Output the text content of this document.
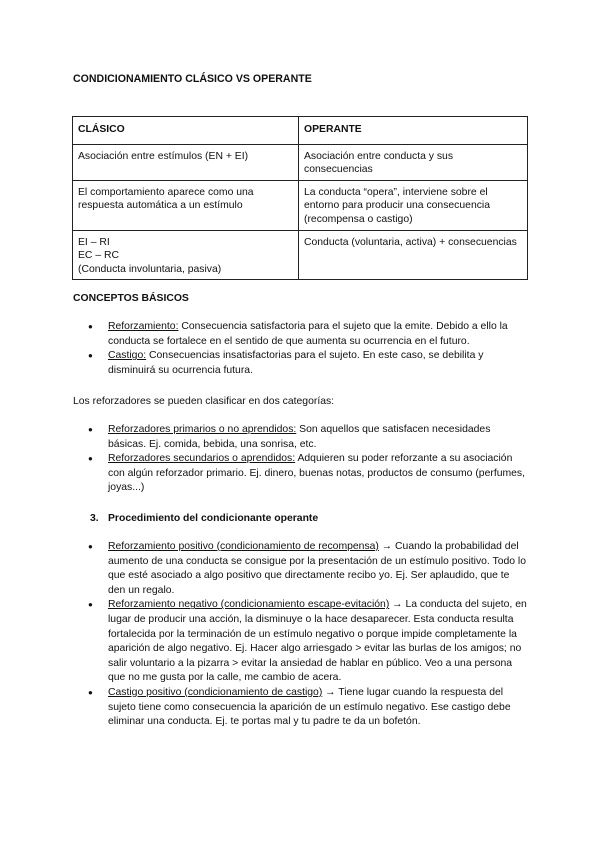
CONDICIONAMIENTO CLÁSICO VS OPERANTE
CLÁSICO	OPERANTE

Asociación entre estímulos (EN + EI)	Asociación entre conducta y sus consecuencias

El comportamiento aparece como una respuesta automática a un estímulo	La conducta “opera”, interviene sobre el entorno para producir una consecuencia (recompensa o castigo)

EI – RI
EC – RC
(Conducta involuntaria, pasiva)	Conducta (voluntaria, activa) + consecuencias
CONCEPTOS BÁSICOS
● Reforzamiento: Consecuencia satisfactoria para el sujeto que la emite. Debido a ello la conducta se fortalece en el sentido de que aumenta su ocurrencia en el futuro.
● Castigo: Consecuencias insatisfactorias para el sujeto. En este caso, se debilita y disminuirá su ocurrencia futura.
Los reforzadores se pueden clasificar en dos categorías:
● Reforzadores primarios o no aprendidos: Son aquellos que satisfacen necesidades básicas. Ej. comida, bebida, una sonrisa, etc.
● Reforzadores secundarios o aprendidos: Adquieren su poder reforzante a su asociación con algún reforzador primario. Ej. dinero, buenas notas, productos de consumo (perfumes, joyas...)
3. Procedimiento del condicionante operante
● Reforzamiento positivo (condicionamiento de recompensa) → Cuando la probabilidad del aumento de una conducta se consigue por la presentación de un estímulo positivo. Todo lo que esté asociado a algo positivo que directamente recibo yo. Ej. Ser aplaudido, que te den un regalo.
● Reforzamiento negativo (condicionamiento escape-evitación) → La conducta del sujeto, en lugar de producir una acción, la disminuye o la hace desaparecer. Esta conducta resulta fortalecida por la terminación de un estímulo negativo o porque impide completamente la aparición de algo negativo. Ej. Hacer algo arriesgado > evitar las burlas de los amigos; no salir voluntario a la pizarra > evitar la ansiedad de hablar en público. Veo a una persona que no me gusta por la calle, me cambio de acera.
● Castigo positivo (condicionamiento de castigo) → Tiene lugar cuando la respuesta del sujeto tiene como consecuencia la aparición de un estímulo negativo. Ese castigo debe eliminar una conducta. Ej. te portas mal y tu padre te da un bofetón.
